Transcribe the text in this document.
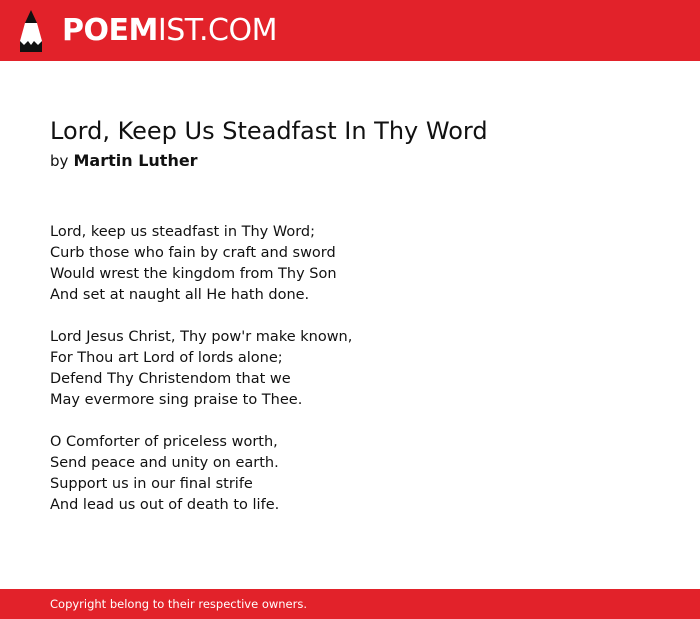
POEMIST.COM
Lord, Keep Us Steadfast In Thy Word
by Martin Luther

Lord, keep us steadfast in Thy Word;
Curb those who fain by craft and sword
Would wrest the kingdom from Thy Son
And set at naught all He hath done.

Lord Jesus Christ, Thy pow'r make known,
For Thou art Lord of lords alone;
Defend Thy Christendom that we
May evermore sing praise to Thee.

O Comforter of priceless worth,
Send peace and unity on earth.
Support us in our final strife
And lead us out of death to life.

Copyright belong to their respective owners.
